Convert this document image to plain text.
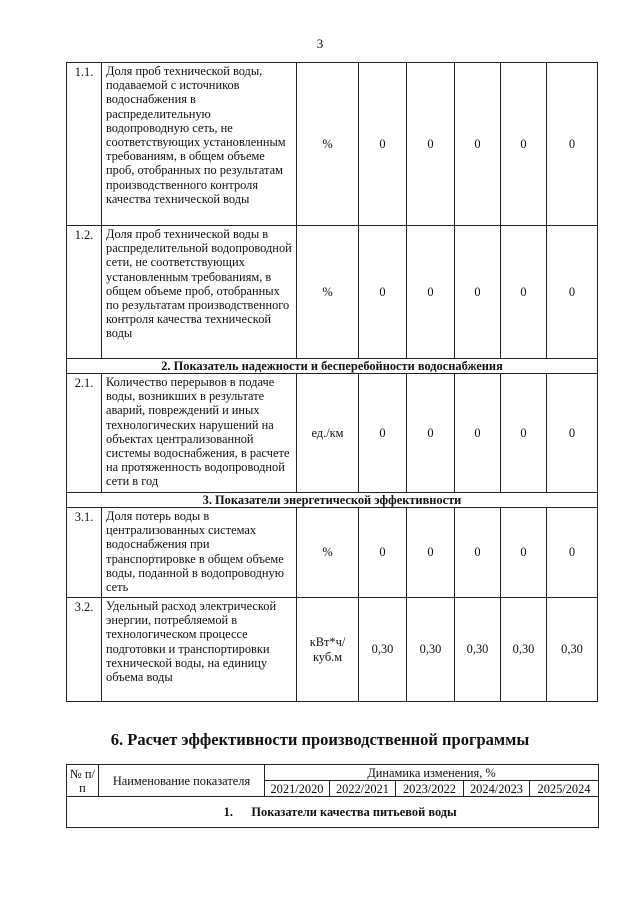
3
1.1.	Доля проб технической воды, подаваемой с источников водоснабжения в распределительную водопроводную сеть, не соответствующих установленным требованиям, в общем объеме проб, отобранных по результатам производственного контроля качества технической воды	%	0	0	0	0	0
1.2.	Доля проб технической воды в распределительной водопроводной сети, не соответствующих установленным требованиям, в общем объеме проб, отобранных по результатам производственного контроля качества технической воды	%	0	0	0	0	0
2. Показатель надежности и бесперебойности водоснабжения							
2.1.	Количество перерывов в подаче воды, возникших в результате аварий, повреждений и иных технологических нарушений на объектах централизованной системы водоснабжения, в расчете на протяженность водопроводной сети в год	ед./км	0	0	0	0	0
3. Показатели энергетической эффективности							
3.1.	Доля потерь воды в централизованных системах водоснабжения при транспортировке в общем объеме воды, поданной в водопроводную сеть	%	0	0	0	0	0
3.2.	Удельный расход электрической энергии, потребляемой в технологическом процессе подготовки и транспортировки технической воды, на единицу объема воды	кВт*ч/ куб.м	0,30	0,30	0,30	0,30	0,30
6. Расчет эффективности производственной программы
№ п/п	Наименование показателя	Динамика изменения, %				
		2021/2020	2022/2021	2023/2022	2024/2023	2025/2024
1. Показатели качества питьевой воды						
